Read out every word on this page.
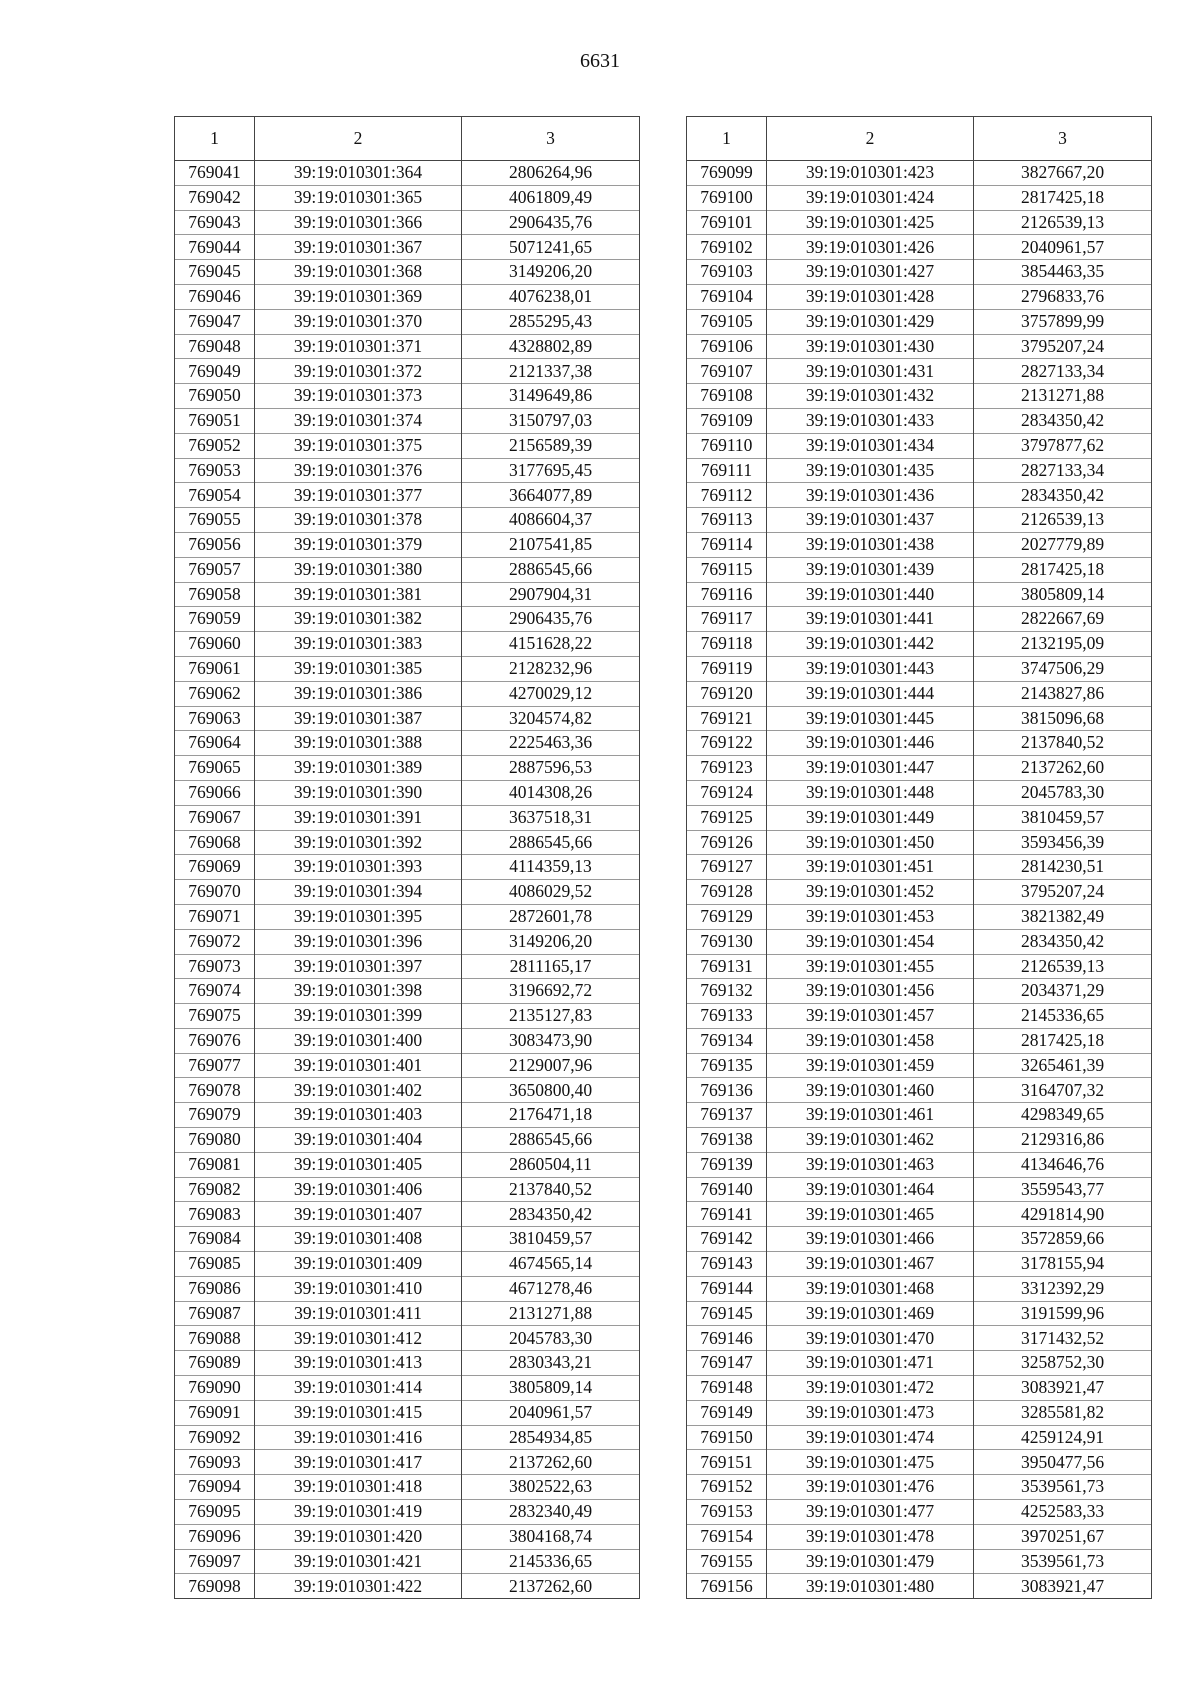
6631
1	2	3
769041	39:19:010301:364	2806264,96
769042	39:19:010301:365	4061809,49
769043	39:19:010301:366	2906435,76
769044	39:19:010301:367	5071241,65
769045	39:19:010301:368	3149206,20
769046	39:19:010301:369	4076238,01
769047	39:19:010301:370	2855295,43
769048	39:19:010301:371	4328802,89
769049	39:19:010301:372	2121337,38
769050	39:19:010301:373	3149649,86
769051	39:19:010301:374	3150797,03
769052	39:19:010301:375	2156589,39
769053	39:19:010301:376	3177695,45
769054	39:19:010301:377	3664077,89
769055	39:19:010301:378	4086604,37
769056	39:19:010301:379	2107541,85
769057	39:19:010301:380	2886545,66
769058	39:19:010301:381	2907904,31
769059	39:19:010301:382	2906435,76
769060	39:19:010301:383	4151628,22
769061	39:19:010301:385	2128232,96
769062	39:19:010301:386	4270029,12
769063	39:19:010301:387	3204574,82
769064	39:19:010301:388	2225463,36
769065	39:19:010301:389	2887596,53
769066	39:19:010301:390	4014308,26
769067	39:19:010301:391	3637518,31
769068	39:19:010301:392	2886545,66
769069	39:19:010301:393	4114359,13
769070	39:19:010301:394	4086029,52
769071	39:19:010301:395	2872601,78
769072	39:19:010301:396	3149206,20
769073	39:19:010301:397	2811165,17
769074	39:19:010301:398	3196692,72
769075	39:19:010301:399	2135127,83
769076	39:19:010301:400	3083473,90
769077	39:19:010301:401	2129007,96
769078	39:19:010301:402	3650800,40
769079	39:19:010301:403	2176471,18
769080	39:19:010301:404	2886545,66
769081	39:19:010301:405	2860504,11
769082	39:19:010301:406	2137840,52
769083	39:19:010301:407	2834350,42
769084	39:19:010301:408	3810459,57
769085	39:19:010301:409	4674565,14
769086	39:19:010301:410	4671278,46
769087	39:19:010301:411	2131271,88
769088	39:19:010301:412	2045783,30
769089	39:19:010301:413	2830343,21
769090	39:19:010301:414	3805809,14
769091	39:19:010301:415	2040961,57
769092	39:19:010301:416	2854934,85
769093	39:19:010301:417	2137262,60
769094	39:19:010301:418	3802522,63
769095	39:19:010301:419	2832340,49
769096	39:19:010301:420	3804168,74
769097	39:19:010301:421	2145336,65
769098	39:19:010301:422	2137262,60
1	2	3
769099	39:19:010301:423	3827667,20
769100	39:19:010301:424	2817425,18
769101	39:19:010301:425	2126539,13
769102	39:19:010301:426	2040961,57
769103	39:19:010301:427	3854463,35
769104	39:19:010301:428	2796833,76
769105	39:19:010301:429	3757899,99
769106	39:19:010301:430	3795207,24
769107	39:19:010301:431	2827133,34
769108	39:19:010301:432	2131271,88
769109	39:19:010301:433	2834350,42
769110	39:19:010301:434	3797877,62
769111	39:19:010301:435	2827133,34
769112	39:19:010301:436	2834350,42
769113	39:19:010301:437	2126539,13
769114	39:19:010301:438	2027779,89
769115	39:19:010301:439	2817425,18
769116	39:19:010301:440	3805809,14
769117	39:19:010301:441	2822667,69
769118	39:19:010301:442	2132195,09
769119	39:19:010301:443	3747506,29
769120	39:19:010301:444	2143827,86
769121	39:19:010301:445	3815096,68
769122	39:19:010301:446	2137840,52
769123	39:19:010301:447	2137262,60
769124	39:19:010301:448	2045783,30
769125	39:19:010301:449	3810459,57
769126	39:19:010301:450	3593456,39
769127	39:19:010301:451	2814230,51
769128	39:19:010301:452	3795207,24
769129	39:19:010301:453	3821382,49
769130	39:19:010301:454	2834350,42
769131	39:19:010301:455	2126539,13
769132	39:19:010301:456	2034371,29
769133	39:19:010301:457	2145336,65
769134	39:19:010301:458	2817425,18
769135	39:19:010301:459	3265461,39
769136	39:19:010301:460	3164707,32
769137	39:19:010301:461	4298349,65
769138	39:19:010301:462	2129316,86
769139	39:19:010301:463	4134646,76
769140	39:19:010301:464	3559543,77
769141	39:19:010301:465	4291814,90
769142	39:19:010301:466	3572859,66
769143	39:19:010301:467	3178155,94
769144	39:19:010301:468	3312392,29
769145	39:19:010301:469	3191599,96
769146	39:19:010301:470	3171432,52
769147	39:19:010301:471	3258752,30
769148	39:19:010301:472	3083921,47
769149	39:19:010301:473	3285581,82
769150	39:19:010301:474	4259124,91
769151	39:19:010301:475	3950477,56
769152	39:19:010301:476	3539561,73
769153	39:19:010301:477	4252583,33
769154	39:19:010301:478	3970251,67
769155	39:19:010301:479	3539561,73
769156	39:19:010301:480	3083921,47
